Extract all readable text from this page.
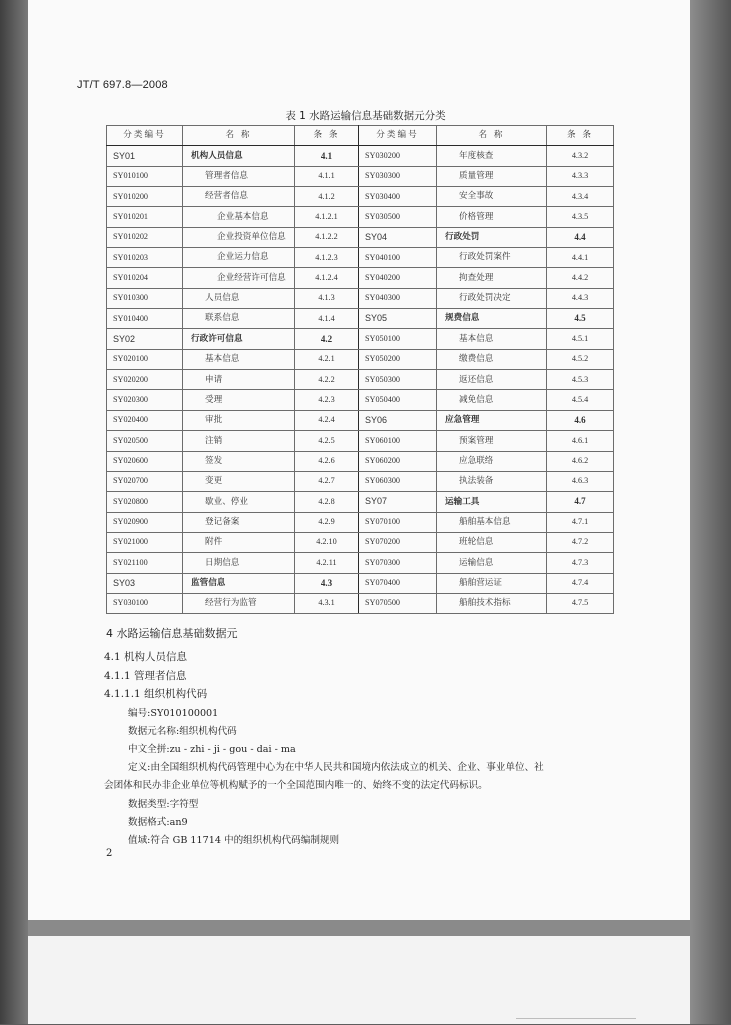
JT/T 697.8—2008
表 1 水路运输信息基础数据元分类
分类编号	名 称	条 条	分类编号	名 称	条 条
SY01	机构人员信息	4.1	SY030200	年度核查	4.3.2
SY010100	管理者信息	4.1.1	SY030300	质量管理	4.3.3
SY010200	经营者信息	4.1.2	SY030400	安全事故	4.3.4
SY010201	企业基本信息	4.1.2.1	SY030500	价格管理	4.3.5
SY010202	企业投资单位信息	4.1.2.2	SY04	行政处罚	4.4
SY010203	企业运力信息	4.1.2.3	SY040100	行政处罚案件	4.4.1
SY010204	企业经营许可信息	4.1.2.4	SY040200	拘查处理	4.4.2
SY010300	人员信息	4.1.3	SY040300	行政处罚决定	4.4.3
SY010400	联系信息	4.1.4	SY05	规费信息	4.5
SY02	行政许可信息	4.2	SY050100	基本信息	4.5.1
SY020100	基本信息	4.2.1	SY050200	缴费信息	4.5.2
SY020200	申请	4.2.2	SY050300	返还信息	4.5.3
SY020300	受理	4.2.3	SY050400	减免信息	4.5.4
SY020400	审批	4.2.4	SY06	应急管理	4.6
SY020500	注销	4.2.5	SY060100	预案管理	4.6.1
SY020600	签发	4.2.6	SY060200	应急联络	4.6.2
SY020700	变更	4.2.7	SY060300	执法装备	4.6.3
SY020800	歇业、停业	4.2.8	SY07	运输工具	4.7
SY020900	登记备案	4.2.9	SY070100	船舶基本信息	4.7.1
SY021000	附件	4.2.10	SY070200	班轮信息	4.7.2
SY021100	日期信息	4.2.11	SY070300	运输信息	4.7.3
SY03	监管信息	4.3	SY070400	船舶营运证	4.7.4
SY030100	经营行为监管	4.3.1	SY070500	船舶技术指标	4.7.5
4 水路运输信息基础数据元
4.1 机构人员信息
4.1.1 管理者信息
4.1.1.1 组织机构代码
编号:SY010100001
数据元名称:组织机构代码
中文全拼:zu - zhi - ji - gou - dai - ma
定义:由全国组织机构代码管理中心为在中华人民共和国境内依法成立的机关、企业、事业单位、社
会团体和民办非企业单位等机构赋予的一个全国范围内唯一的、始终不变的法定代码标识。
数据类型:字符型
数据格式:an9
值域:符合 GB 11714 中的组织机构代码编制规则
2
